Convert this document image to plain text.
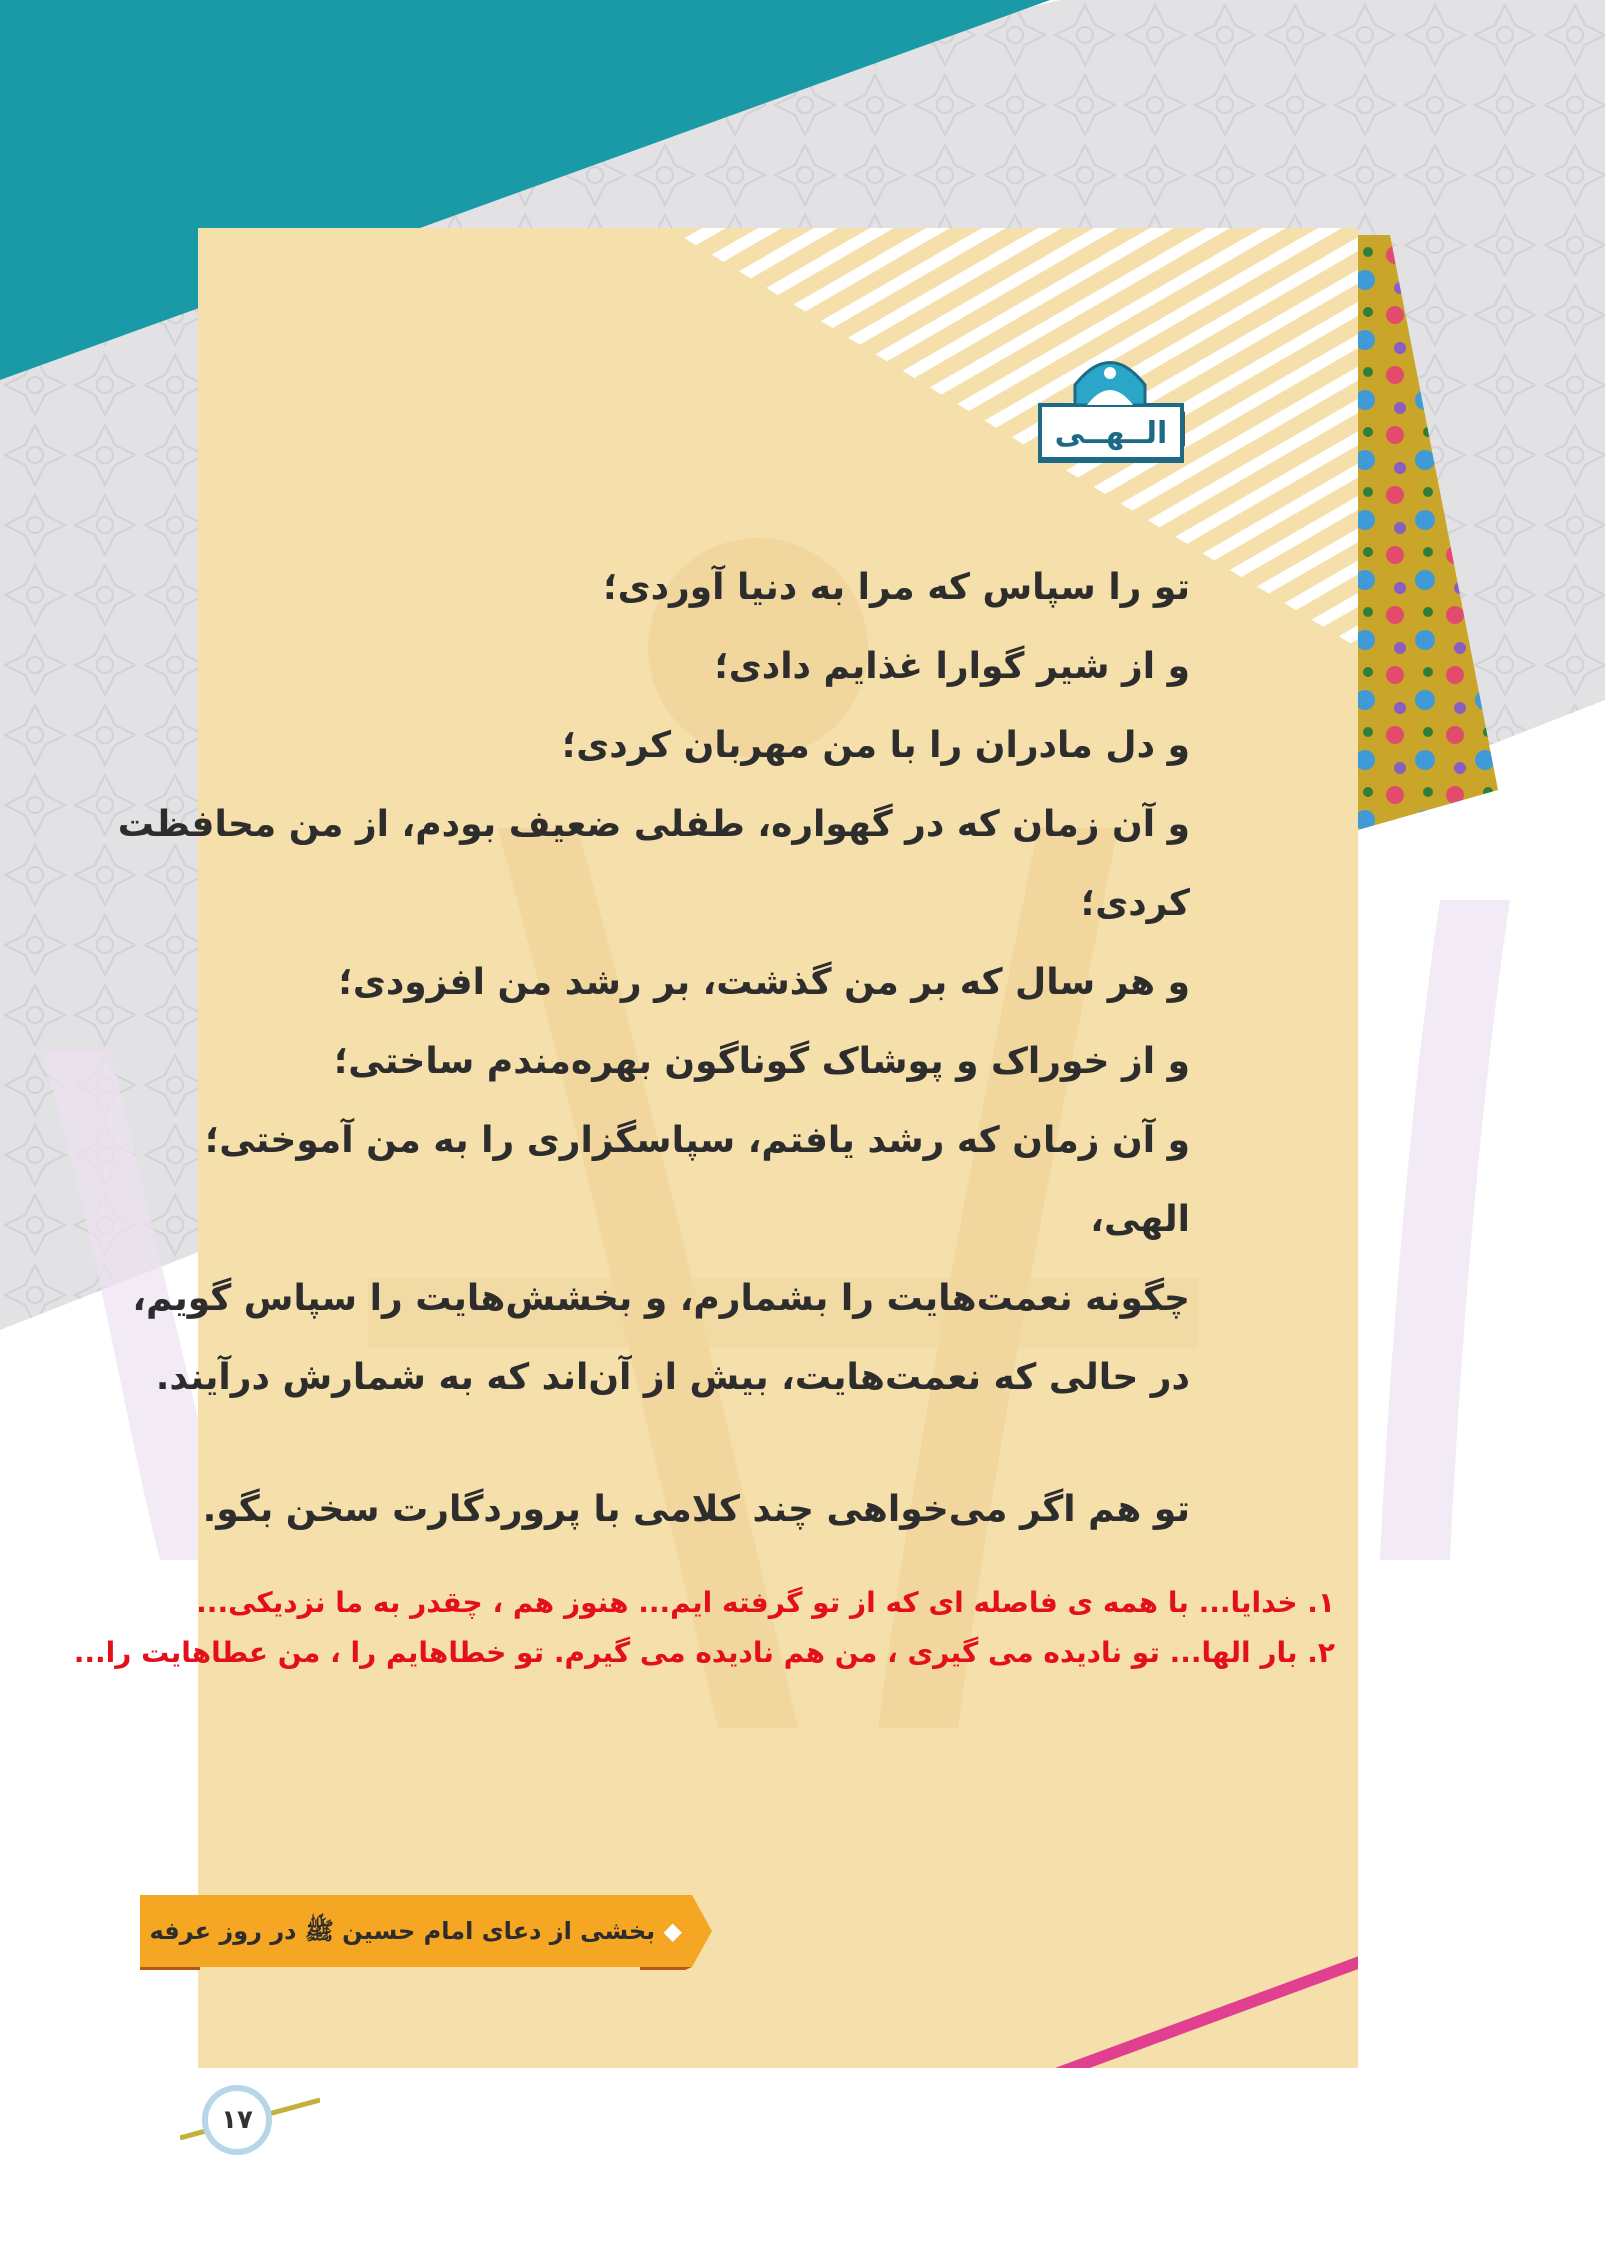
الــهــی
تو را سپاس که مرا به دنیا آوردی؛
و از شیر گوارا غذایم دادی؛
و دل مادران را با من مهربان کردی؛
و آن زمان که در گهواره، طفلی ضعیف بودم، از من محافظت
کردی؛
و هر سال که بر من گذشت، بر رشد من افزودی؛
و از خوراک و پوشاک گوناگون بهره‌مندم ساختی؛
و آن زمان که رشد یافتم، سپاسگزاری را به من آموختی؛
الهی،
چگونه نعمت‌هایت را بشمارم، و بخشش‌هایت را سپاس گویم،
در حالی که نعمت‌هایت، بیش از آن‌اند که به شمارش درآیند.
تو هم اگر می‌خواهی چند کلامی با پروردگارت سخن بگو.
۱. خدایا... با همه ی فاصله ای که از تو گرفته ایم... هنوز هم ، چقدر به ما نزدیکی...
۲. بار الها... تو نادیده می گیری ، من هم نادیده می گیرم. تو خطاهایم را ، من عطاهایت را...
◆ بخشی از دعای امام حسین ﷺ در روز عرفه
۱۷
